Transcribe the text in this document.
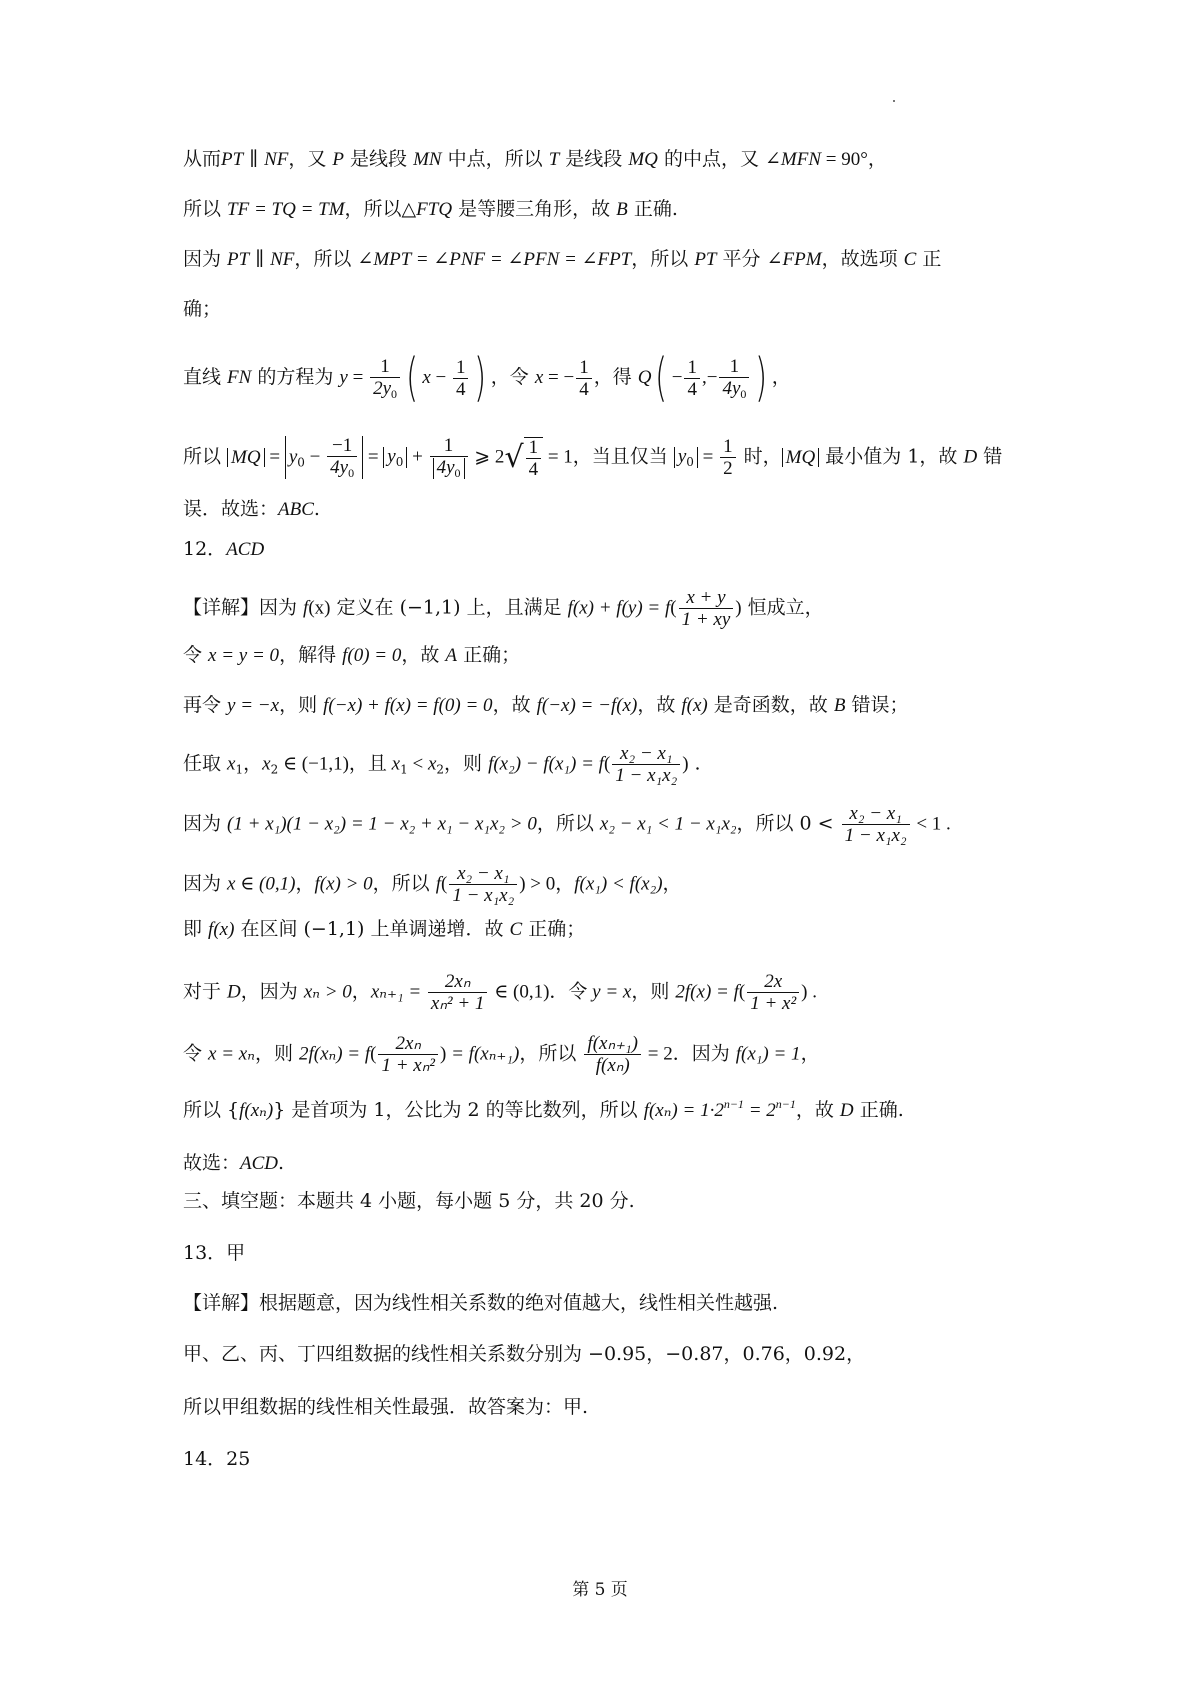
从而PT ∥ NF，又 P 是线段 MN 中点，所以 T 是线段 MQ 的中点，又 ∠MFN = 90°，
所以 TF = TQ = TM，所以△FTQ 是等腰三角形，故 B 正确.
因为 PT ∥ NF，所以 ∠MPT = ∠PNF = ∠PFN = ∠FPT，所以 PT 平分 ∠FPM，故选项 C 正
确；
直线 FN 的方程为 $y = \frac{1}{2y_0}$ ( $x - \frac{1}{4}$ ) ，令 x = − $\frac{1}{4}$ ，得 $Q( - \frac{1}{4}$ ,− $\frac{1}{4y_0}$ ) ，
所以 MQ = $y_0 - \frac{-1}{4y_0} = y_0 + \frac{1}{4y_0}$ ⩾ $2√ \frac{1}{4} = 1$，当且仅当 $y_0 = \frac{1}{2}$ 时， MQ 最小值为 1，故 D 错
误．故选：ABC.
12．ACD
【详解】因为 f(x) 定义在 (−1,1) 上，且满足 $f(x) + f(y) = f( \frac{x + y}{1 + xy}$ ) 恒成立，
令 x = y = 0，解得 f(0) = 0，故 A 正确；
再令 y = −x，则 f(−x) + f(x) = f(0) = 0，故 f(−x) = −f(x)，故 f(x) 是奇函数，故 B 错误；
任取 $x_1$，$x_2$ ∈ (−1,1)，且 $x_1 < x_2$，则 $f(x_2) - f(x_1) = f( \frac{\text{x₂ − x₁}}{\text{1 − x₁x₂}}$ ) .
因为 (1 + x₁)(1 − x₂) = 1 − x₂ + x₁ − x₁x₂ > 0，所以 x₂ − x₁ < 1 − x₁x₂，所以 $0 < \frac{\text{x₂ − x₁}}{\text{1 − x₁x₂}} < 1$ .
因为 x ∈ (0,1)，f(x) > 0，所以 $f( \frac{\text{x₂ − x₁}}{\text{1 − x₁x₂}}$ ) > 0，f(x₁) < f(x₂)，
即 f(x) 在区间 (−1,1) 上单调递增．故 C 正确；
对于 D，因为 xₙ > 0，$x_{n+1} = \frac{\text{2xₙ}}{\text{xₙ² + 1}}$ ∈ (0,1)．令 y = x，则 $2f(x) = f( \frac{2x}{\text{1 + x²}}$ ) .
令 x = xₙ，则 $2f(x_n) = f( \frac{\text{2xₙ}}{\text{1 + xₙ²}}$ ) = f(xₙ₊₁)，所以 $\frac{\text{f(xₙ₊₁)}}{\text{f(xₙ)}} = 2$．因为 f(x₁) = 1，
所以 {f(xₙ)} 是首项为 1，公比为 2 的等比数列，所以 $f(x_n) = 1\cdot 2^{n-1} = 2^{n-1}$，故 D 正确.
故选：ACD.
三、填空题：本题共 4 小题，每小题 5 分，共 20 分.
13．甲
【详解】根据题意，因为线性相关系数的绝对值越大，线性相关性越强.
甲、乙、丙、丁四组数据的线性相关系数分别为 −0.95，−0.87，0.76，0.92，
所以甲组数据的线性相关性最强．故答案为：甲.
14．25
第 5 页
